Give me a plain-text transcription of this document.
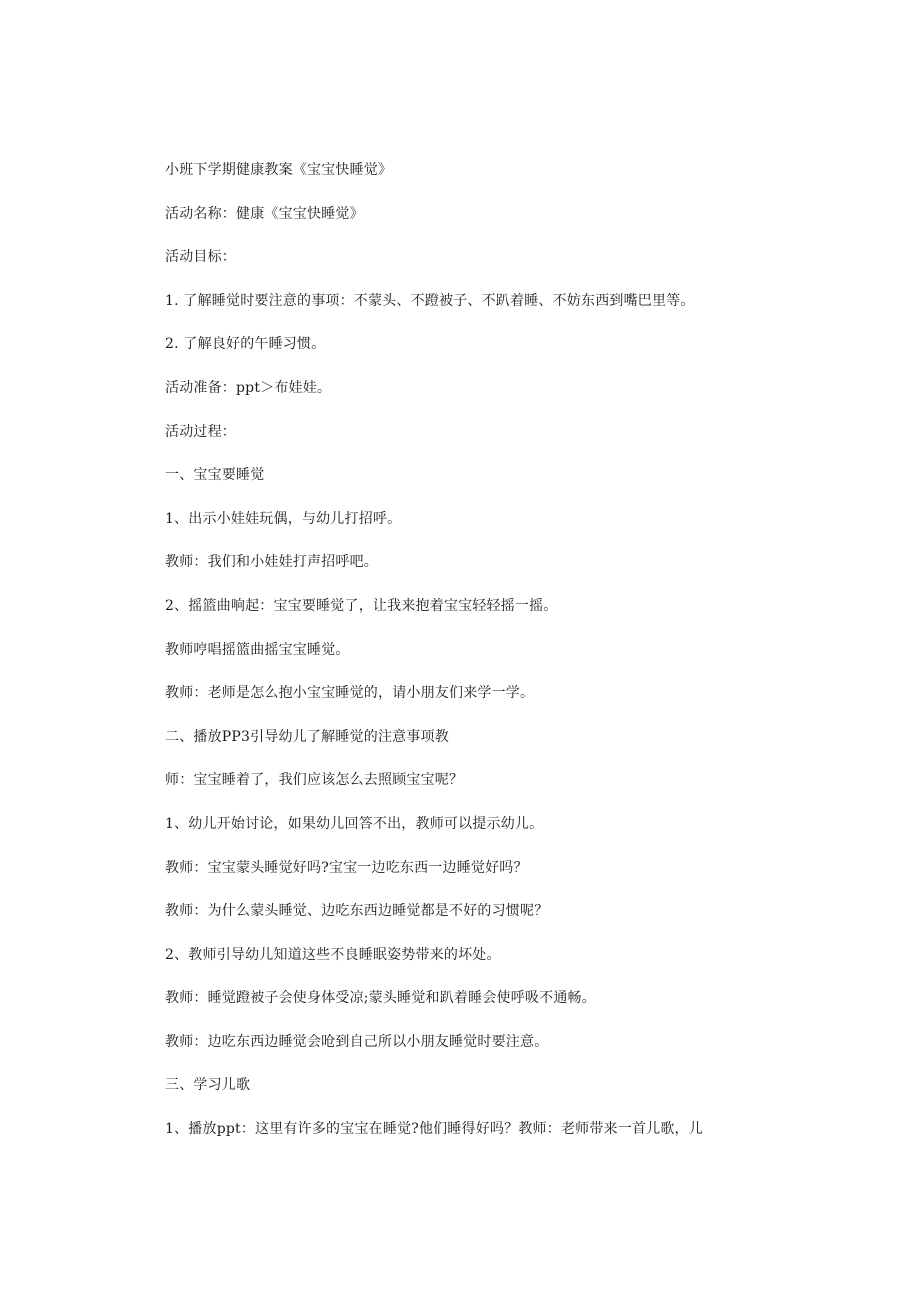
小班下学期健康教案《宝宝快睡觉》

活动名称：健康《宝宝快睡觉》

活动目标：

1. 了解睡觉时要注意的事项：不蒙头、不蹬被子、不趴着睡、不妨东西到嘴巴里等。

2. 了解良好的午睡习惯。

活动准备：ppt＞布娃娃。

活动过程：

一、宝宝要睡觉

1、出示小娃娃玩偶，与幼儿打招呼。

教师：我们和小娃娃打声招呼吧。

2、摇篮曲响起：宝宝要睡觉了，让我来抱着宝宝轻轻摇一摇。

教师哼唱摇篮曲摇宝宝睡觉。

教师：老师是怎么抱小宝宝睡觉的，请小朋友们来学一学。

二、播放PP3引导幼儿了解睡觉的注意事项教

师：宝宝睡着了，我们应该怎么去照顾宝宝呢？

1、幼儿开始讨论，如果幼儿回答不出，教师可以提示幼儿。

教师：宝宝蒙头睡觉好吗?宝宝一边吃东西一边睡觉好吗？

教师：为什么蒙头睡觉、边吃东西边睡觉都是不好的习惯呢？

2、教师引导幼儿知道这些不良睡眠姿势带来的坏处。

教师：睡觉蹬被子会使身体受凉;蒙头睡觉和趴着睡会使呼吸不通畅。

教师：边吃东西边睡觉会呛到自己所以小朋友睡觉时要注意。

三、学习儿歌

1、播放ppt：这里有许多的宝宝在睡觉?他们睡得好吗？教师：老师带来一首儿歌，儿
